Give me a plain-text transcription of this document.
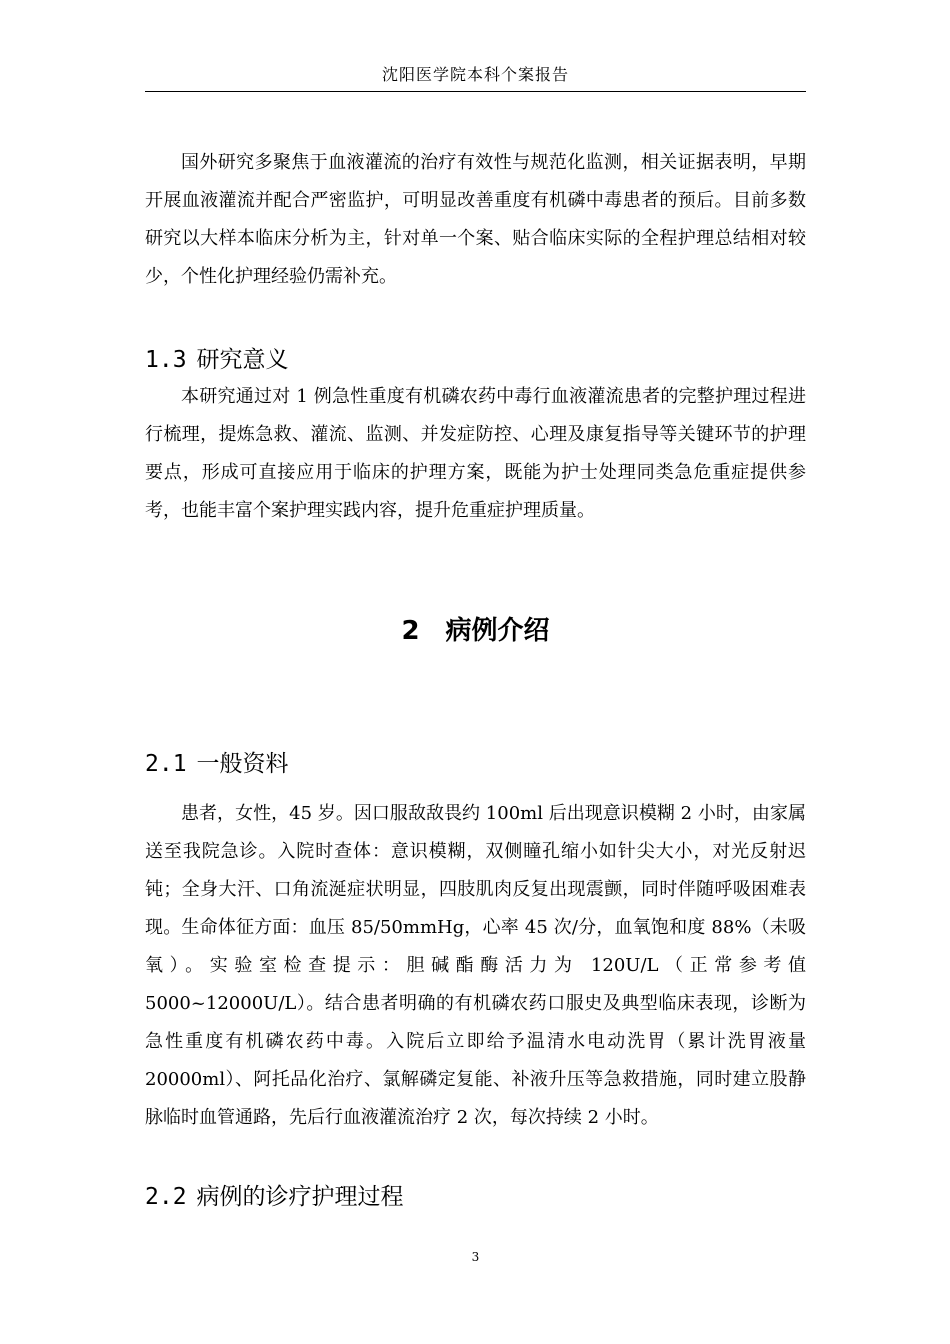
沈阳医学院本科个案报告

国外研究多聚焦于血液灌流的治疗有效性与规范化监测，相关证据表明，早期开展血液灌流并配合严密监护，可明显改善重度有机磷中毒患者的预后。目前多数研究以大样本临床分析为主，针对单一个案、贴合临床实际的全程护理总结相对较少，个性化护理经验仍需补充。

1.3 研究意义

本研究通过对 1 例急性重度有机磷农药中毒行血液灌流患者的完整护理过程进行梳理，提炼急救、灌流、监测、并发症防控、心理及康复指导等关键环节的护理要点，形成可直接应用于临床的护理方案，既能为护士处理同类急危重症提供参考，也能丰富个案护理实践内容，提升危重症护理质量。

2 病例介绍
2.1 一般资料

患者，女性，45 岁。因口服敌敌畏约 100ml 后出现意识模糊 2 小时，由家属送至我院急诊。入院时查体：意识模糊，双侧瞳孔缩小如针尖大小，对光反射迟钝；全身大汗、口角流涎症状明显，四肢肌肉反复出现震颤，同时伴随呼吸困难表现。生命体征方面：血压 85/50mmHg，心率 45 次/分，血氧饱和度 88%（未吸氧）。实验室检查提示：胆碱酯酶活力为 120U/L（正常参考值 5000~12000U/L）。结合患者明确的有机磷农药口服史及典型临床表现，诊断为急性重度有机磷农药中毒。入院后立即给予温清水电动洗胃（累计洗胃液量 20000ml）、阿托品化治疗、氯解磷定复能、补液升压等急救措施，同时建立股静脉临时血管通路，先后行血液灌流治疗 2 次，每次持续 2 小时。

2.2 病例的诊疗护理过程
3
